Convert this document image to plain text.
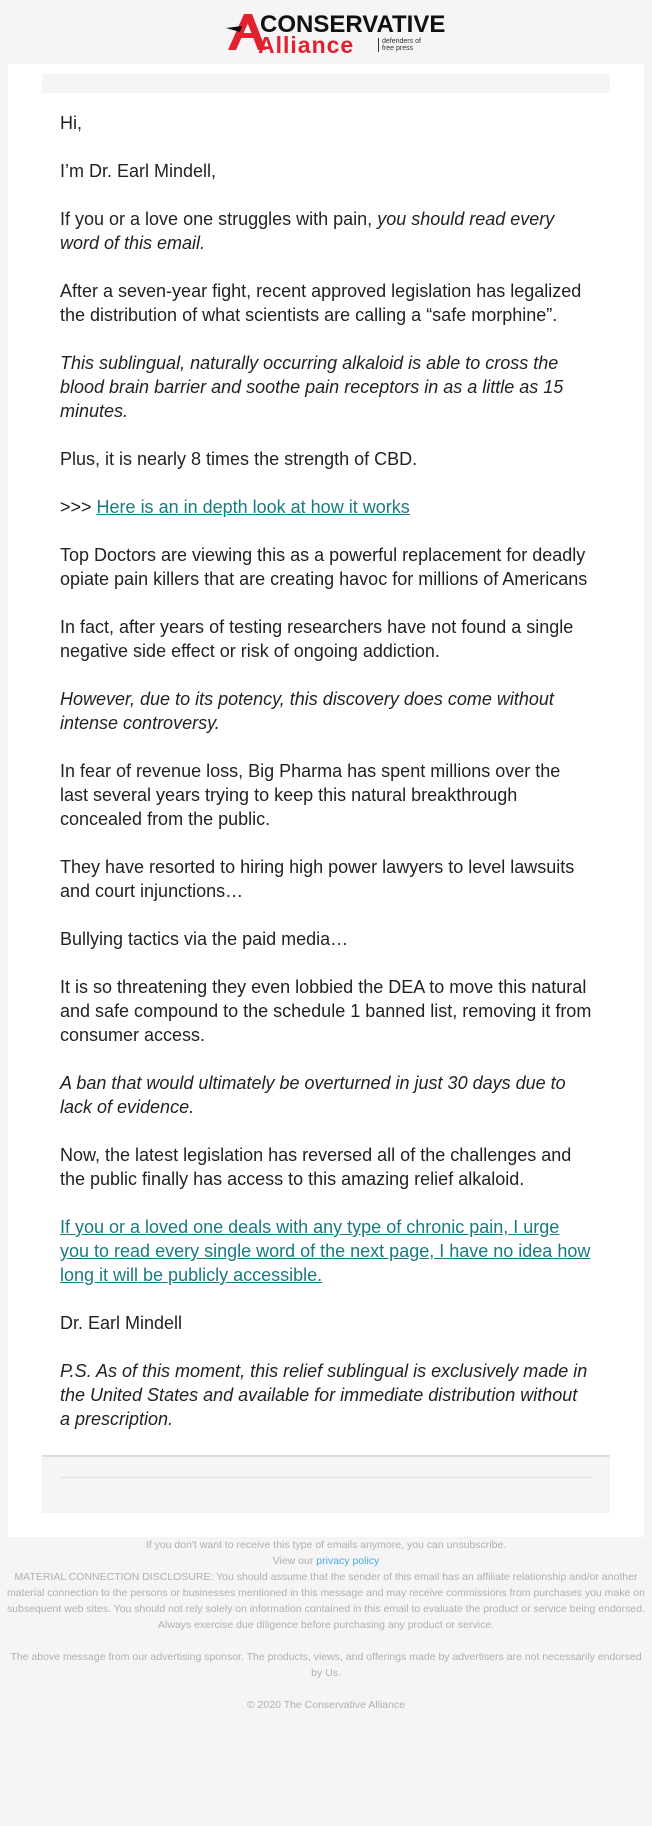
CONSERVATIVE
Alliance	defenders of free press

Hi,

I’m Dr. Earl Mindell,

If you or a love one struggles with pain, you should read every word of this email.

After a seven-year fight, recent approved legislation has legalized the distribution of what scientists are calling a “safe morphine”.

This sublingual, naturally occurring alkaloid is able to cross the blood brain barrier and soothe pain receptors in as a little as 15 minutes.

Plus, it is nearly 8 times the strength of CBD.

>>> Here is an in depth look at how it works

Top Doctors are viewing this as a powerful replacement for deadly opiate pain killers that are creating havoc for millions of Americans

In fact, after years of testing researchers have not found a single negative side effect or risk of ongoing addiction.

However, due to its potency, this discovery does come without intense controversy.

In fear of revenue loss, Big Pharma has spent millions over the last several years trying to keep this natural breakthrough concealed from the public.

They have resorted to hiring high power lawyers to level lawsuits and court injunctions…

Bullying tactics via the paid media…

It is so threatening they even lobbied the DEA to move this natural and safe compound to the schedule 1 banned list, removing it from consumer access.

A ban that would ultimately be overturned in just 30 days due to lack of evidence.

Now, the latest legislation has reversed all of the challenges and the public finally has access to this amazing relief alkaloid.

If you or a loved one deals with any type of chronic pain, I urge you to read every single word of the next page, I have no idea how long it will be publicly accessible.

Dr. Earl Mindell

P.S. As of this moment, this relief sublingual is exclusively made in the United States and available for immediate distribution without a prescription.

If you don't want to receive this type of emails anymore, you can unsubscribe.
View our privacy policy
MATERIAL CONNECTION DISCLOSURE: You should assume that the sender of this email has an affiliate relationship and/or another material connection to the persons or businesses mentioned in this message and may receive commissions from purchases you make on subsequent web sites. You should not rely solely on information contained in this email to evaluate the product or service being endorsed. Always exercise due diligence before purchasing any product or service.
The above message from our advertising sponsor. The products, views, and offerings made by advertisers are not necessarily endorsed by Us.
© 2020 The Conservative Alliance
